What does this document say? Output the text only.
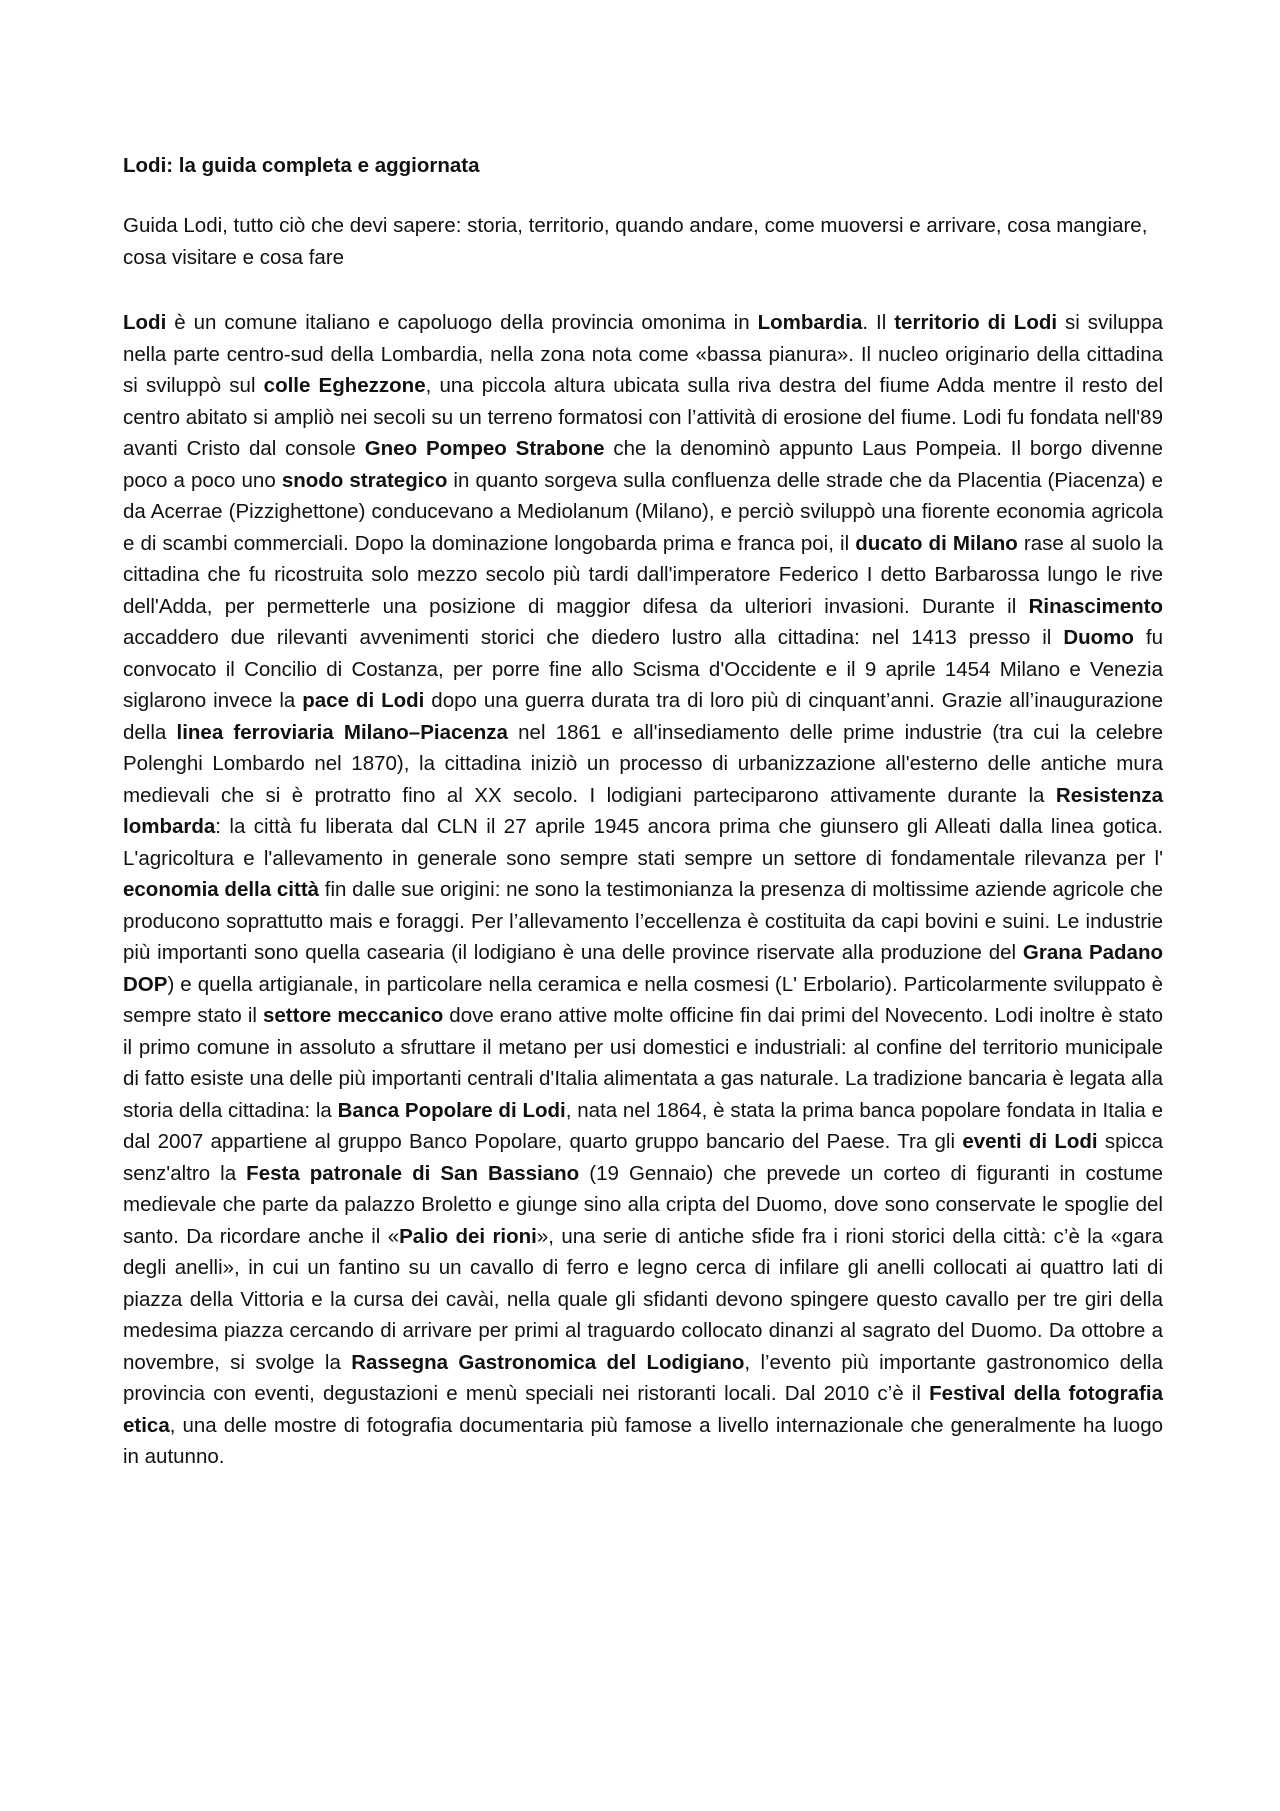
Lodi: la guida completa e aggiornata

Guida Lodi, tutto ciò che devi sapere: storia, territorio, quando andare, come muoversi e arrivare, cosa mangiare, cosa visitare e cosa fare

Lodi è un comune italiano e capoluogo della provincia omonima in Lombardia. Il territorio di Lodi si sviluppa nella parte centro-sud della Lombardia, nella zona nota come «bassa pianura». Il nucleo originario della cittadina si sviluppò sul colle Eghezzone, una piccola altura ubicata sulla riva destra del fiume Adda mentre il resto del centro abitato si ampliò nei secoli su un terreno formatosi con l’attività di erosione del fiume. Lodi fu fondata nell'89 avanti Cristo dal console Gneo Pompeo Strabone che la denominò appunto Laus Pompeia. Il borgo divenne poco a poco uno snodo strategico in quanto sorgeva sulla confluenza delle strade che da Placentia (Piacenza) e da Acerrae (Pizzighettone) conducevano a Mediolanum (Milano), e perciò sviluppò una fiorente economia agricola e di scambi commerciali. Dopo la dominazione longobarda prima e franca poi, il ducato di Milano rase al suolo la cittadina che fu ricostruita solo mezzo secolo più tardi dall'imperatore Federico I detto Barbarossa lungo le rive dell'Adda, per permetterle una posizione di maggior difesa da ulteriori invasioni. Durante il Rinascimento accaddero due rilevanti avvenimenti storici che diedero lustro alla cittadina: nel 1413 presso il Duomo fu convocato il Concilio di Costanza, per porre fine allo Scisma d'Occidente e il 9 aprile 1454 Milano e Venezia siglarono invece la pace di Lodi dopo una guerra durata tra di loro più di cinquant’anni. Grazie all’inaugurazione della linea ferroviaria Milano–Piacenza nel 1861 e all'insediamento delle prime industrie (tra cui la celebre Polenghi Lombardo nel 1870), la cittadina iniziò un processo di urbanizzazione all'esterno delle antiche mura medievali che si è protratto fino al XX secolo. I lodigiani parteciparono attivamente durante la Resistenza lombarda: la città fu liberata dal CLN il 27 aprile 1945 ancora prima che giunsero gli Alleati dalla linea gotica. L'agricoltura e l'allevamento in generale sono sempre stati sempre un settore di fondamentale rilevanza per l' economia della città fin dalle sue origini: ne sono la testimonianza la presenza di moltissime aziende agricole che producono soprattutto mais e foraggi. Per l’allevamento l’eccellenza è costituita da capi bovini e suini. Le industrie più importanti sono quella casearia (il lodigiano è una delle province riservate alla produzione del Grana Padano DOP) e quella artigianale, in particolare nella ceramica e nella cosmesi (L' Erbolario). Particolarmente sviluppato è sempre stato il settore meccanico dove erano attive molte officine fin dai primi del Novecento. Lodi inoltre è stato il primo comune in assoluto a sfruttare il metano per usi domestici e industriali: al confine del territorio municipale di fatto esiste una delle più importanti centrali d'Italia alimentata a gas naturale. La tradizione bancaria è legata alla storia della cittadina: la Banca Popolare di Lodi, nata nel 1864, è stata la prima banca popolare fondata in Italia e dal 2007 appartiene al gruppo Banco Popolare, quarto gruppo bancario del Paese. Tra gli eventi di Lodi spicca senz'altro la Festa patronale di San Bassiano (19 Gennaio) che prevede un corteo di figuranti in costume medievale che parte da palazzo Broletto e giunge sino alla cripta del Duomo, dove sono conservate le spoglie del santo. Da ricordare anche il «Palio dei rioni», una serie di antiche sfide fra i rioni storici della città: c’è la «gara degli anelli», in cui un fantino su un cavallo di ferro e legno cerca di infilare gli anelli collocati ai quattro lati di piazza della Vittoria e la cursa dei cavài, nella quale gli sfidanti devono spingere questo cavallo per tre giri della medesima piazza cercando di arrivare per primi al traguardo collocato dinanzi al sagrato del Duomo. Da ottobre a novembre, si svolge la Rassegna Gastronomica del Lodigiano, l’evento più importante gastronomico della provincia con eventi, degustazioni e menù speciali nei ristoranti locali. Dal 2010 c’è il Festival della fotografia etica, una delle mostre di fotografia documentaria più famose a livello internazionale che generalmente ha luogo in autunno.
